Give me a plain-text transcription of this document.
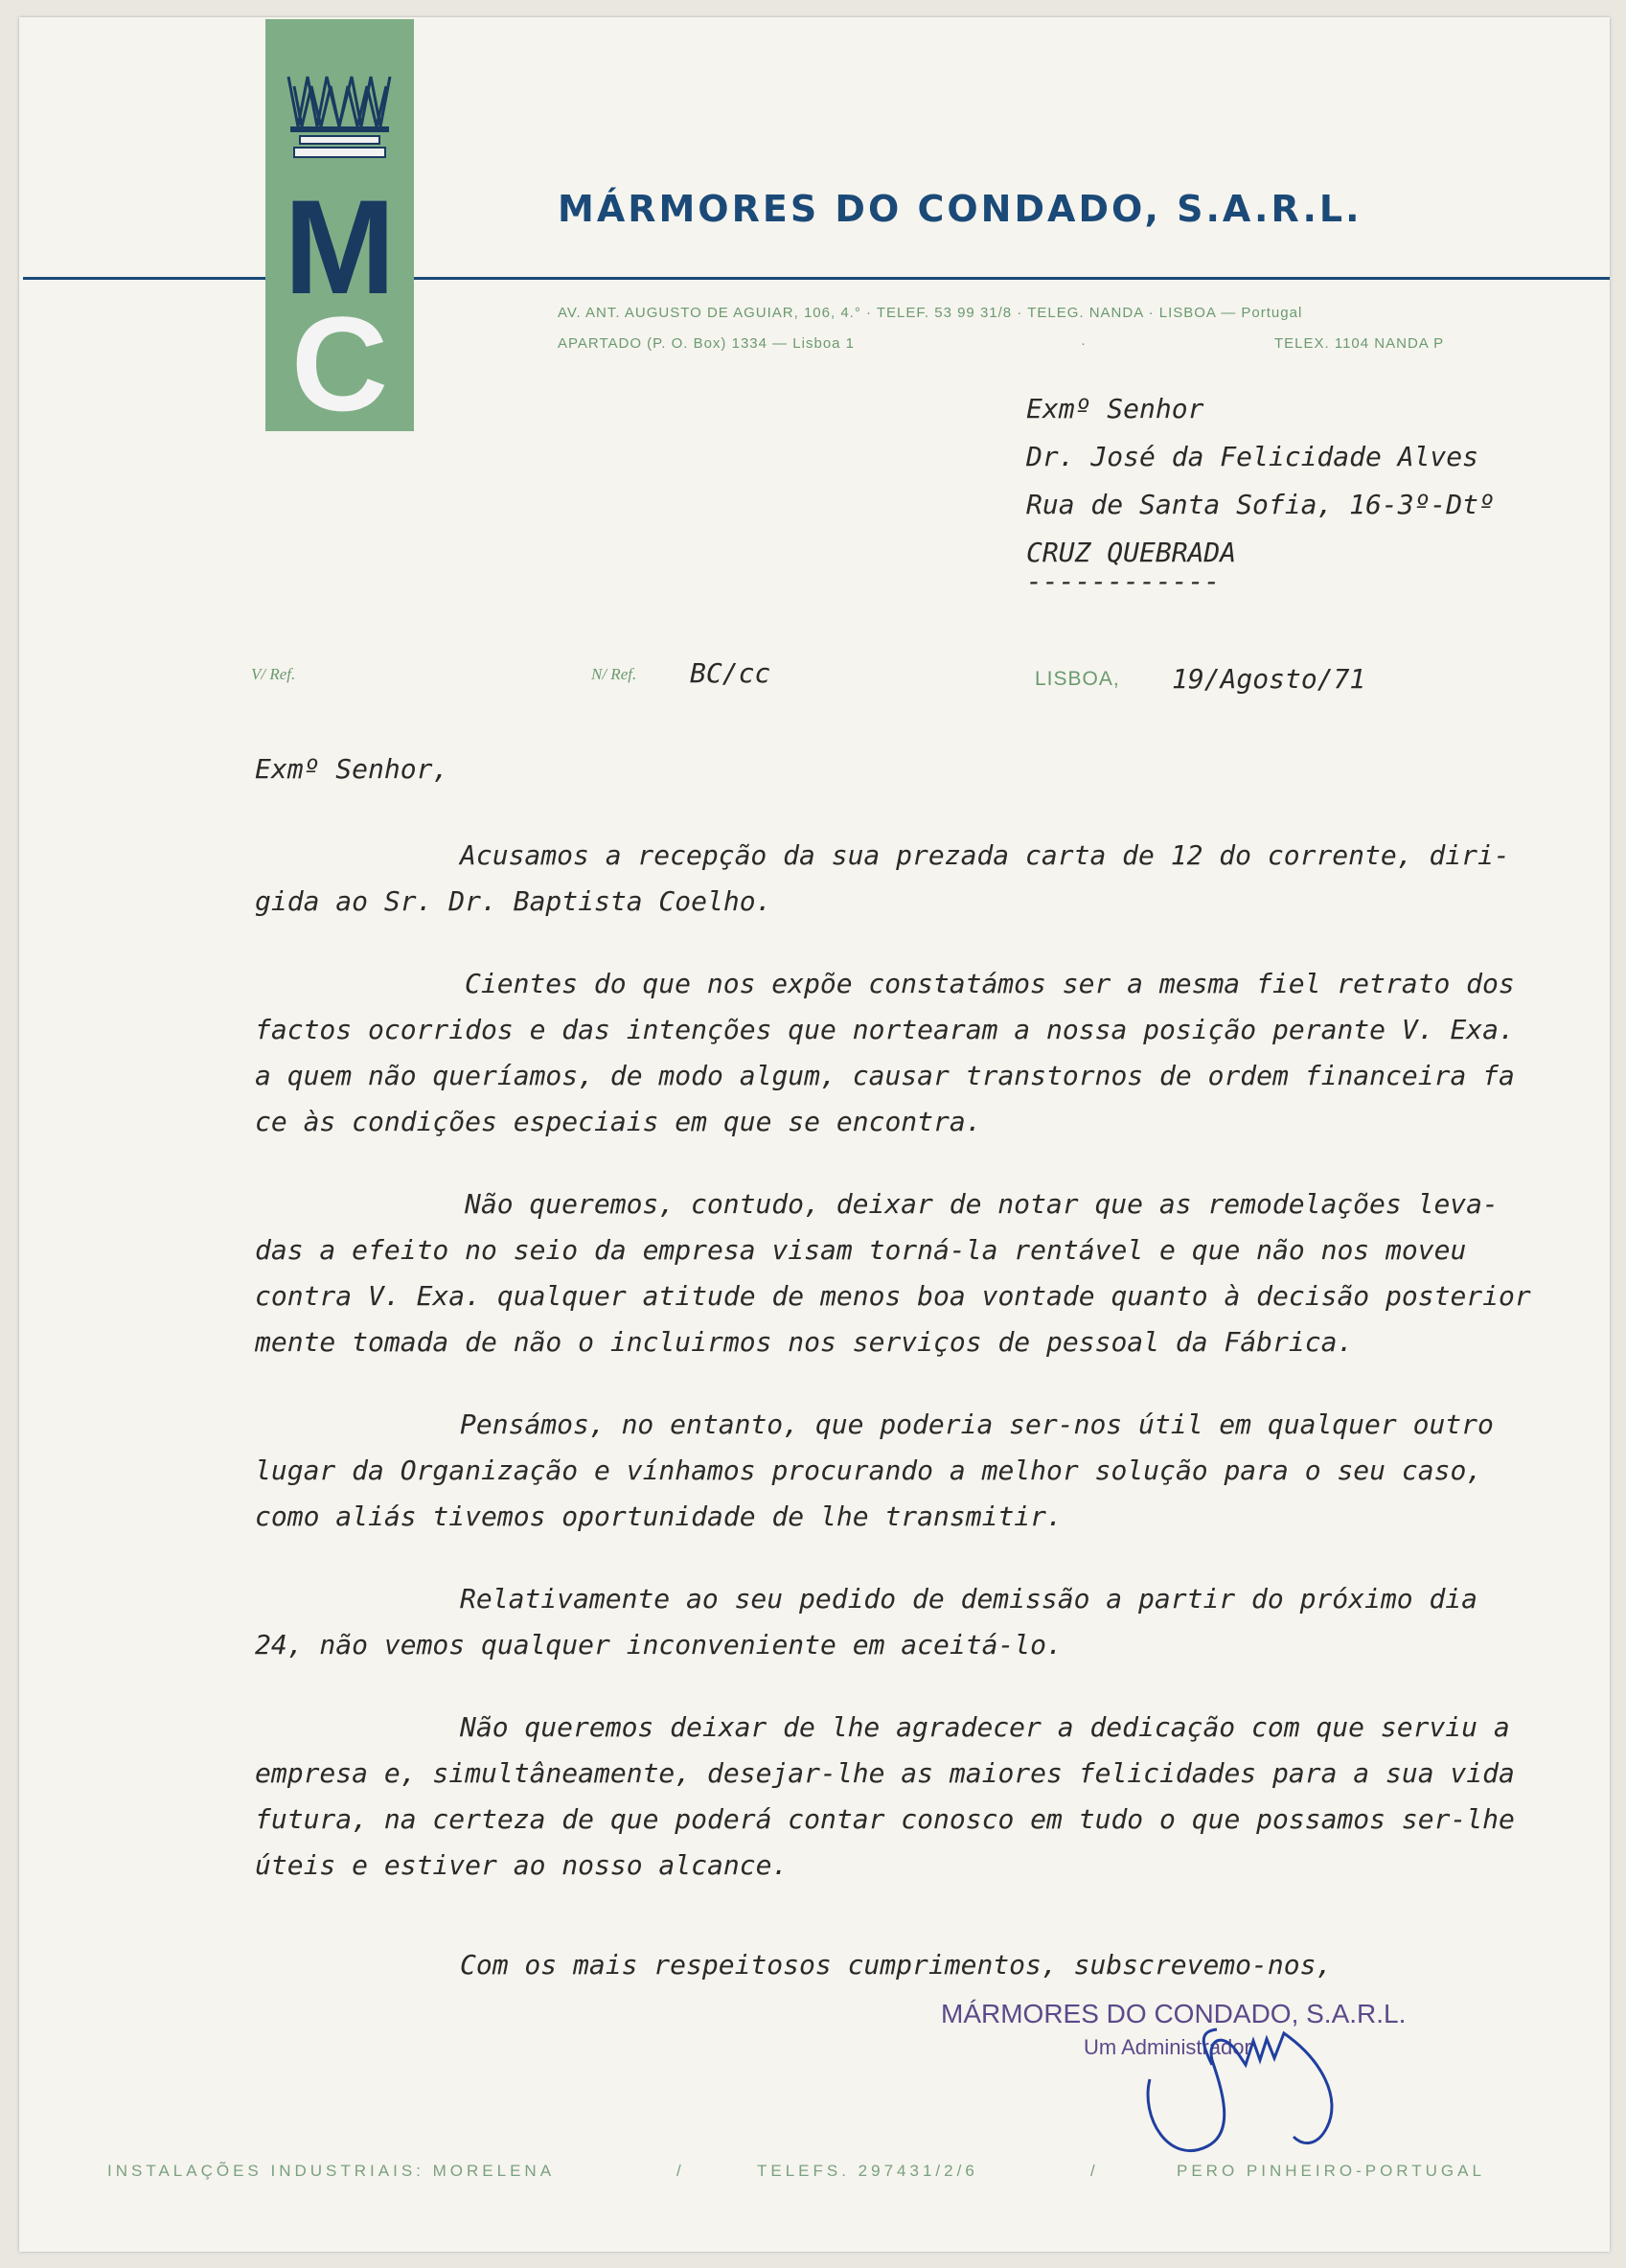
M
C
MÁRMORES DO CONDADO, S.A.R.L.
AV. ANT. AUGUSTO DE AGUIAR, 106, 4.° · TELEF. 53 99 31/8 · TELEG. NANDA · LISBOA — Portugal
APARTADO (P. O. Box) 1334 — Lisboa 1	·	TELEX. 1104 NANDA P
Exmº Senhor
Dr. José da Felicidade Alves
Rua de Santa Sofia, 16-3º-Dtº
CRUZ QUEBRADA
------------
V/ Ref.	N/ Ref. BC/cc	LISBOA, 19/Agosto/71
Exmº Senhor,
Acusamos a recepção da sua prezada carta de 12 do corrente, diri-
gida ao Sr. Dr. Baptista Coelho.
Cientes do que nos expõe constatámos ser a mesma fiel retrato dos
factos ocorridos e das intenções que nortearam a nossa posição perante V. Exa.
a quem não queríamos, de modo algum, causar transtornos de ordem financeira fa
ce às condições especiais em que se encontra.
Não queremos, contudo, deixar de notar que as remodelações leva-
das a efeito no seio da empresa visam torná-la rentável e que não nos moveu
contra V. Exa. qualquer atitude de menos boa vontade quanto à decisão posterior
mente tomada de não o incluirmos nos serviços de pessoal da Fábrica.
Pensámos, no entanto, que poderia ser-nos útil em qualquer outro
lugar da Organização e vínhamos procurando a melhor solução para o seu caso,
como aliás tivemos oportunidade de lhe transmitir.
Relativamente ao seu pedido de demissão a partir do próximo dia
24, não vemos qualquer inconveniente em aceitá-lo.
Não queremos deixar de lhe agradecer a dedicação com que serviu a
empresa e, simultâneamente, desejar-lhe as maiores felicidades para a sua vida
futura, na certeza de que poderá contar conosco em tudo o que possamos ser-lhe
úteis e estiver ao nosso alcance.
Com os mais respeitosos cumprimentos, subscrevemo-nos,
MÁRMORES DO CONDADO, S.A.R.L.
Um Administrador
INSTALAÇÕES INDUSTRIAIS: MORELENA	/	TELEFS. 297431/2/6	/	PERO PINHEIRO-PORTUGAL
